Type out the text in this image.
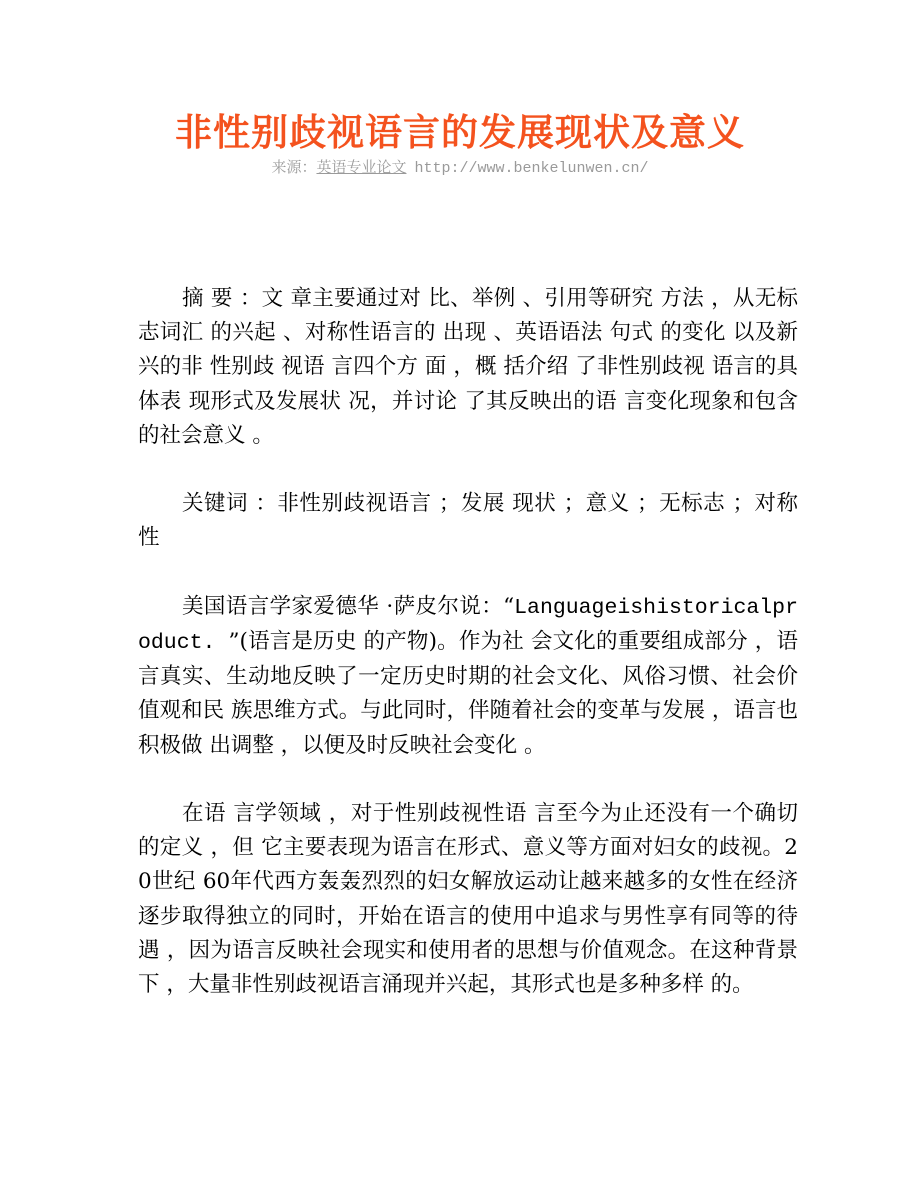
非性别歧视语言的发展现状及意义
来源：英语专业论文 http://www.benkelunwen.cn/

摘 要 ：文 章主要通过对 比、举例 、引用等研究 方法 ，从无标 志词汇 的兴起 、对称性语言的 出现 、英语语法 句式 的变化 以及新兴的非 性别歧 视语 言四个方 面 ，概 括介绍 了非性别歧视 语言的具体表 现形式及发展状 况，并讨论 了其反映出的语 言变化现象和包含的社会意义 。

关键词 ：非性别歧视语言 ；发展 现状 ；意义 ；无标志 ；对称性

美国语言学家爱德华 ·萨皮尔说：“Languageishistoricalproduct. ”(语言是历史 的产物)。作为社 会文化的重要组成部分 ，语言真实、生动地反映了一定历史时期的社会文化、风俗习惯、社会价值观和民 族思维方式。与此同时，伴随着社会的变革与发展 ，语言也积极做 出调整 ，以便及时反映社会变化 。

在语 言学领域 ，对于性别歧视性语 言至今为止还没有一个确切 的定义 ，但 它主要表现为语言在形式、意义等方面对妇女的歧视。20世纪 60年代西方轰轰烈烈的妇女解放运动让越来越多的女性在经济逐步取得独立的同时，开始在语言的使用中追求与男性享有同等的待遇 ，因为语言反映社会现实和使用者的思想与价值观念。在这种背景下 ，大量非性别歧视语言涌现并兴起，其形式也是多种多样 的。
